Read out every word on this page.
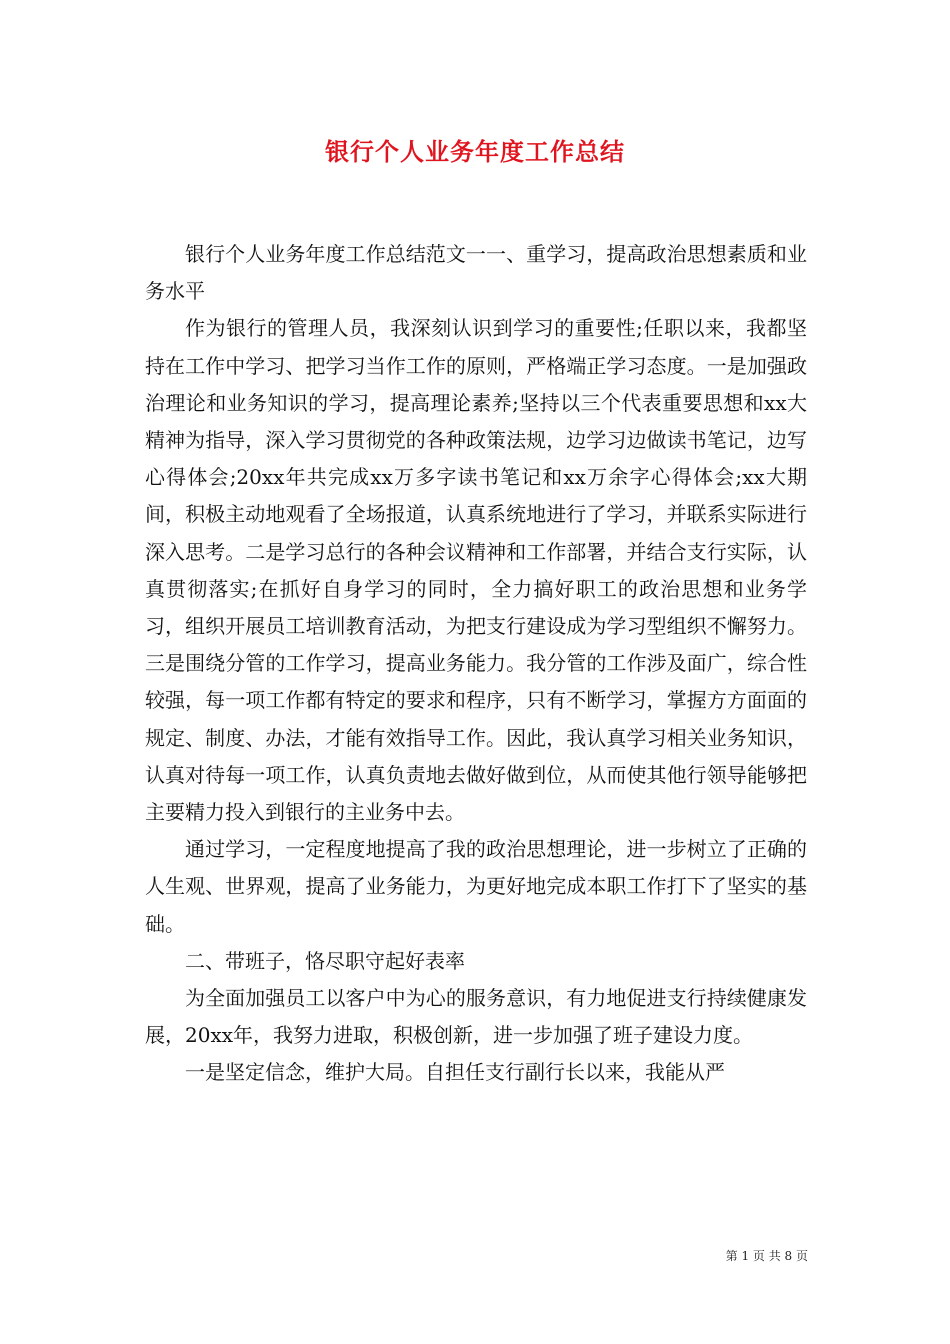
银行个人业务年度工作总结

银行个人业务年度工作总结范文一一、重学习，提高政治思想素质和业务水平

作为银行的管理人员，我深刻认识到学习的重要性;任职以来，我都坚持在工作中学习、把学习当作工作的原则，严格端正学习态度。一是加强政治理论和业务知识的学习，提高理论素养;坚持以三个代表重要思想和xx大精神为指导，深入学习贯彻党的各种政策法规，边学习边做读书笔记，边写心得体会;20xx年共完成xx万多字读书笔记和xx万余字心得体会;xx大期间，积极主动地观看了全场报道，认真系统地进行了学习，并联系实际进行深入思考。二是学习总行的各种会议精神和工作部署，并结合支行实际，认真贯彻落实;在抓好自身学习的同时，全力搞好职工的政治思想和业务学习，组织开展员工培训教育活动，为把支行建设成为学习型组织不懈努力。三是围绕分管的工作学习，提高业务能力。我分管的工作涉及面广，综合性较强，每一项工作都有特定的要求和程序，只有不断学习，掌握方方面面的规定、制度、办法，才能有效指导工作。因此，我认真学习相关业务知识，认真对待每一项工作，认真负责地去做好做到位，从而使其他行领导能够把主要精力投入到银行的主业务中去。

通过学习，一定程度地提高了我的政治思想理论，进一步树立了正确的人生观、世界观，提高了业务能力，为更好地完成本职工作打下了坚实的基础。

二、带班子，恪尽职守起好表率

为全面加强员工以客户中为心的服务意识，有力地促进支行持续健康发展，20xx年，我努力进取，积极创新，进一步加强了班子建设力度。

一是坚定信念，维护大局。自担任支行副行长以来，我能从严

第 1 页 共 8 页
